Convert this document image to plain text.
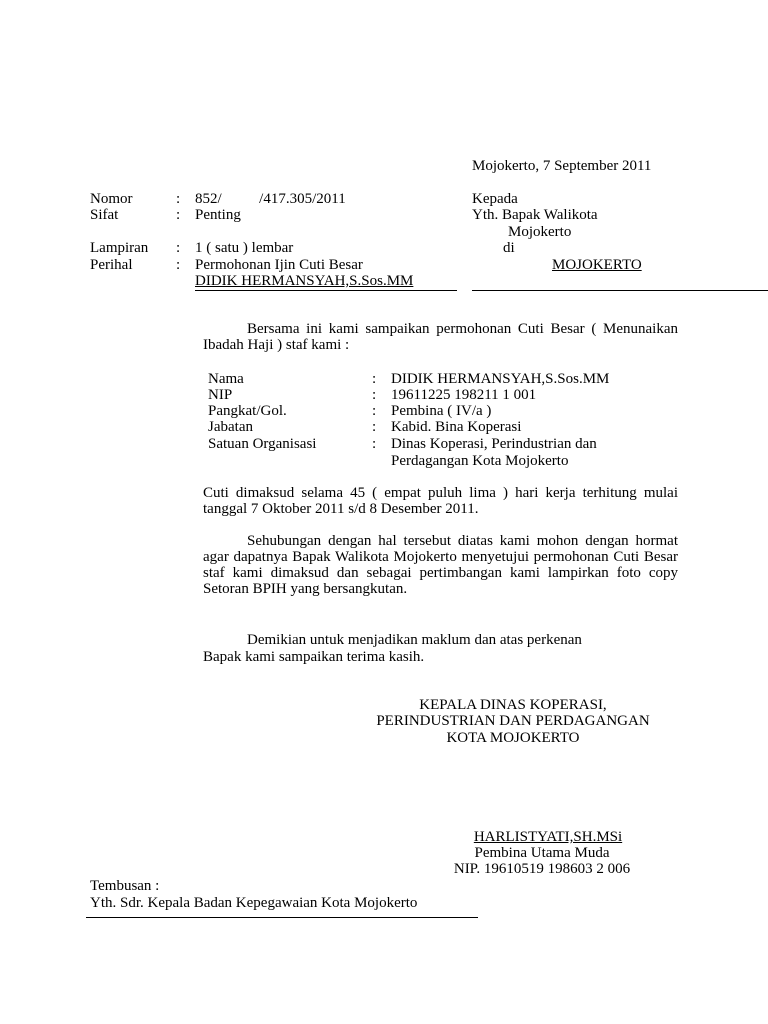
Mojokerto, 7 September 2011
Nomor	: 852/          /417.305/2011
Sifat	: Penting
Lampiran : 1 ( satu ) lembar
Perihal	: Permohonan Ijin Cuti Besar
DIDIK HERMANSYAH,S.Sos.MM
Kepada
Yth. Bapak Walikota
Mojokerto
di
MOJOKERTO
Bersama ini kami sampaikan permohonan Cuti Besar ( Menunaikan Ibadah Haji ) staf kami :
Nama	: DIDIK HERMANSYAH,S.Sos.MM
NIP	: 19611225 198211 1 001
Pangkat/Gol.	: Pembina ( IV/a )
Jabatan	: Kabid. Bina Koperasi
Satuan Organisasi	: Dinas Koperasi, Perindustrian dan
Perdagangan Kota Mojokerto
Cuti dimaksud selama 45 ( empat puluh lima ) hari kerja terhitung mulai tanggal 7 Oktober 2011 s/d 8 Desember 2011.
Sehubungan dengan hal tersebut diatas kami mohon dengan hormat agar dapatnya Bapak Walikota Mojokerto menyetujui permohonan Cuti Besar staf kami dimaksud dan sebagai pertimbangan kami lampirkan foto copy Setoran BPIH yang bersangkutan.
Demikian untuk menjadikan maklum dan atas perkenan
Bapak kami sampaikan terima kasih.
KEPALA DINAS KOPERASI,
PERINDUSTRIAN DAN PERDAGANGAN
KOTA MOJOKERTO
HARLISTYATI,SH.MSi
Pembina Utama Muda
NIP. 19610519 198603 2 006
Tembusan :
Yth. Sdr. Kepala Badan Kepegawaian Kota Mojokerto
